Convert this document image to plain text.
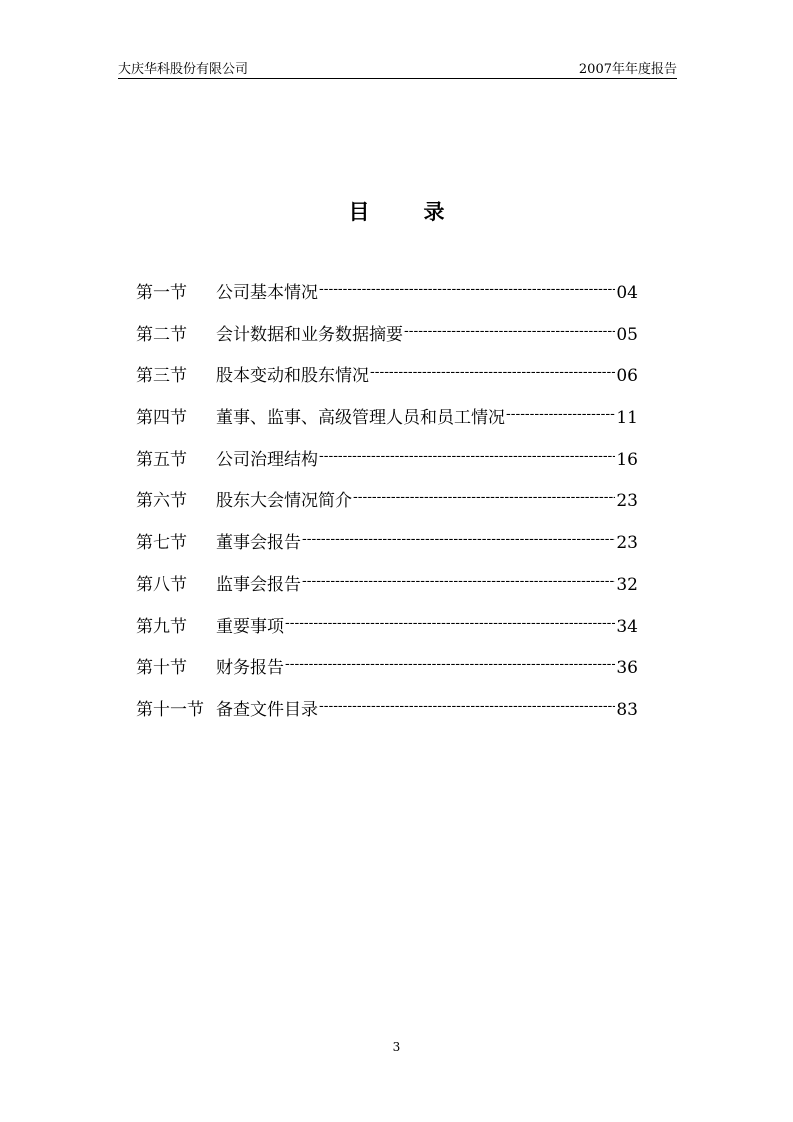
大庆华科股份有限公司	2007年年度报告
目	录
第一节	公司基本情况 -----	04
第二节	会计数据和业务数据摘要 -----	05
第三节	股本变动和股东情况 -----	06
第四节	董事、监事、高级管理人员和员工情况 -----	11
第五节	公司治理结构 -----	16
第六节	股东大会情况简介 -----	23
第七节	董事会报告 -----	23
第八节	监事会报告 -----	32
第九节	重要事项 -----	34
第十节	财务报告 -----	36
第十一节 备查文件目录 -----	83
3
